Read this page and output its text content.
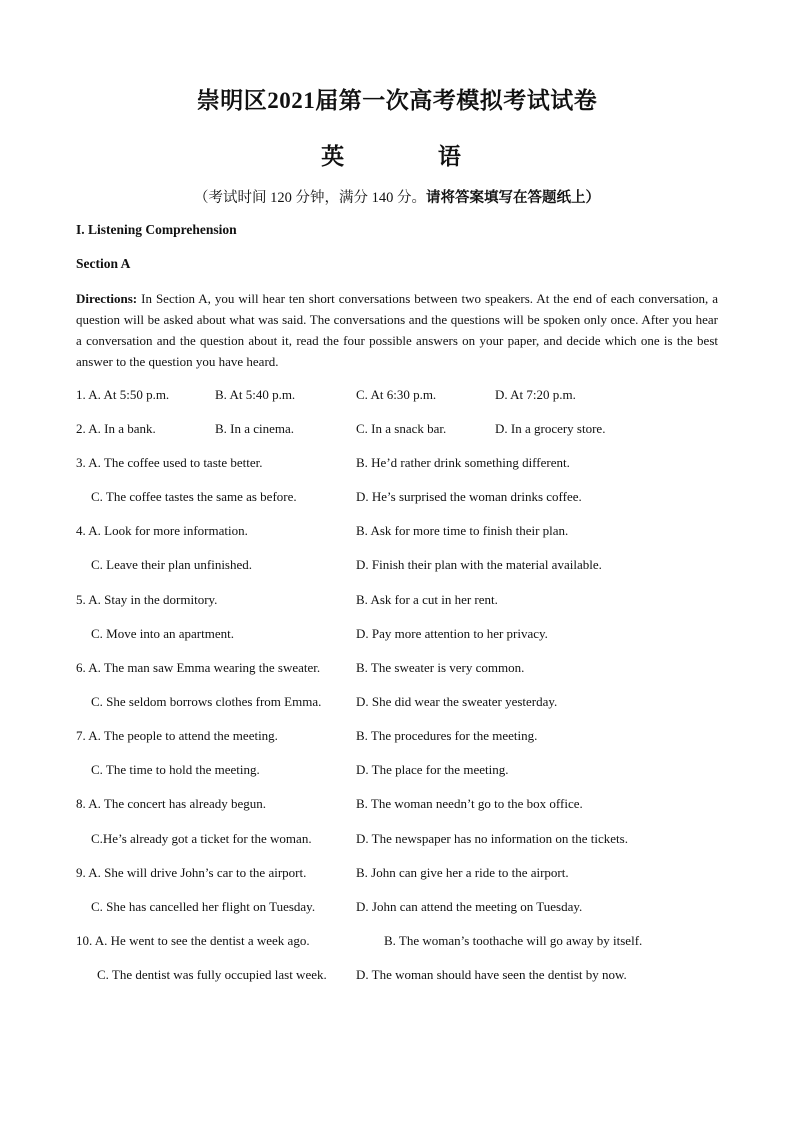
崇明区2021届第一次高考模拟考试试卷
英 语
（考试时间 120 分钟，满分 140 分。请将答案填写在答题纸上）
I. Listening Comprehension
Section A
Directions: In Section A, you will hear ten short conversations between two speakers. At the end of each conversation, a question will be asked about what was said. The conversations and the questions will be spoken only once. After you hear a conversation and the question about it, read the four possible answers on your paper, and decide which one is the best answer to the question you have heard.
1. A. At 5:50 p.m.	B. At 5:40 p.m.	C. At 6:30 p.m.	D. At 7:20 p.m.
2. A. In a bank.	B. In a cinema.	C. In a snack bar.	D. In a grocery store.
3. A. The coffee used to taste better.	B. He’d rather drink something different.
C. The coffee tastes the same as before.	D. He’s surprised the woman drinks coffee.
4. A. Look for more information.	B. Ask for more time to finish their plan.
C. Leave their plan unfinished.	D. Finish their plan with the material available.
5. A. Stay in the dormitory.	B. Ask for a cut in her rent.
C. Move into an apartment.	D. Pay more attention to her privacy.
6. A. The man saw Emma wearing the sweater.	B. The sweater is very common.
C. She seldom borrows clothes from Emma.	D. She did wear the sweater yesterday.
7. A. The people to attend the meeting.	B. The procedures for the meeting.
C. The time to hold the meeting.	D. The place for the meeting.
8. A. The concert has already begun.	B. The woman needn’t go to the box office.
C.He’s already got a ticket for the woman.	D. The newspaper has no information on the tickets.
9. A. She will drive John’s car to the airport.	B. John can give her a ride to the airport.
C. She has cancelled her flight on Tuesday.	D. John can attend the meeting on Tuesday.
10. A. He went to see the dentist a week ago.	B. The woman’s toothache will go away by itself.
C. The dentist was fully occupied last week. D. The woman should have seen the dentist by now.
